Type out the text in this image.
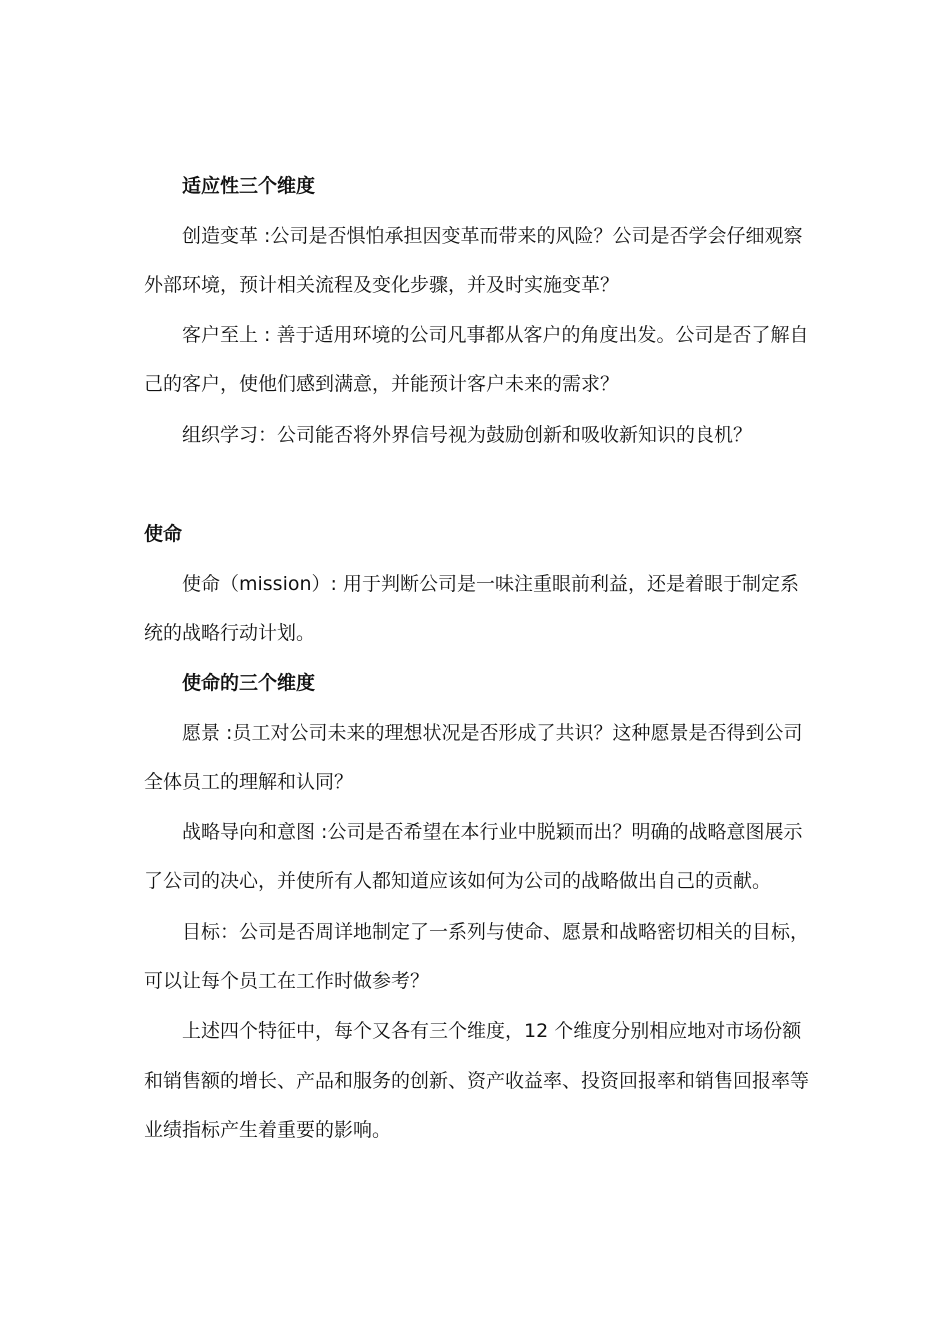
适应性三个维度
创造变革 :公司是否惧怕承担因变革而带来的风险？公司是否学会仔细观察
外部环境，预计相关流程及变化步骤，并及时实施变革？
客户至上 : 善于适用环境的公司凡事都从客户的角度出发。公司是否了解自
己的客户，使他们感到满意，并能预计客户未来的需求？
组织学习：公司能否将外界信号视为鼓励创新和吸收新知识的良机？
使命
使命（mission）: 用于判断公司是一味注重眼前利益，还是着眼于制定系
统的战略行动计划。
使命的三个维度
愿景 :员工对公司未来的理想状况是否形成了共识？这种愿景是否得到公司
全体员工的理解和认同？
战略导向和意图 :公司是否希望在本行业中脱颖而出？明确的战略意图展示
了公司的决心，并使所有人都知道应该如何为公司的战略做出自己的贡献。
目标：公司是否周详地制定了一系列与使命、愿景和战略密切相关的目标，
可以让每个员工在工作时做参考？
上述四个特征中，每个又各有三个维度，12 个维度分别相应地对市场份额
和销售额的增长、产品和服务的创新、资产收益率、投资回报率和销售回报率等
业绩指标产生着重要的影响。
